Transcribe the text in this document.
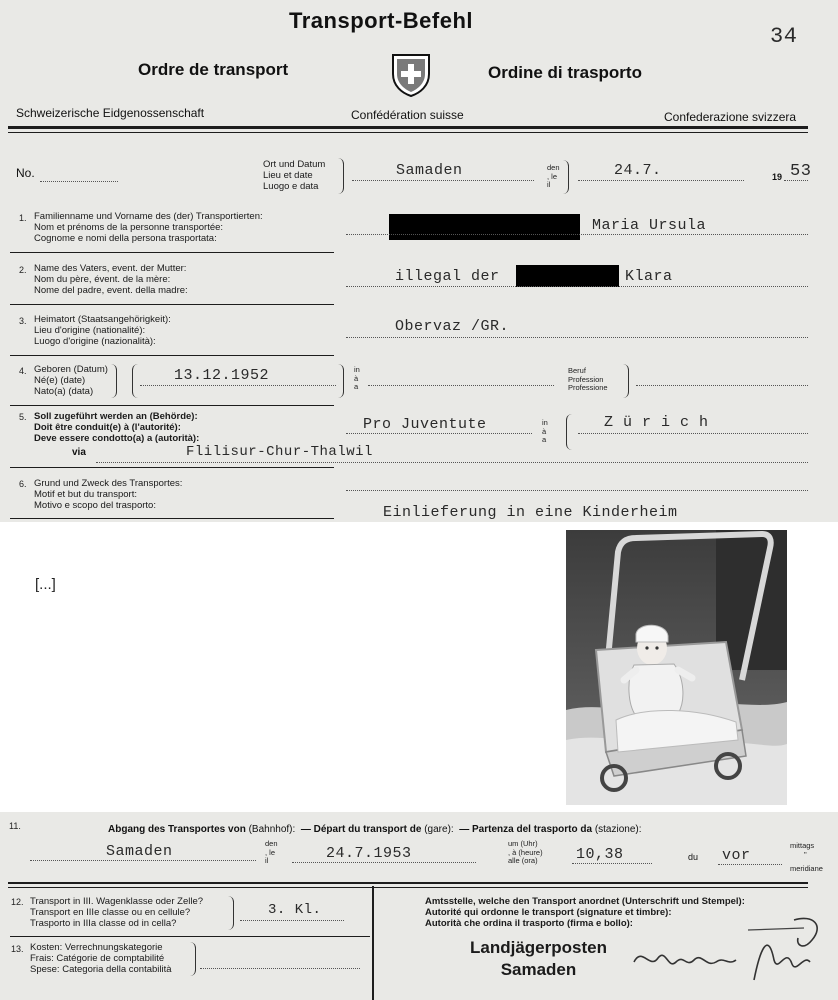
Transport-Befehl
34
Ordre de transport	Ordine di trasporto
Schweizerische Eidgenossenschaft	Confédération suisse	Confederazione svizzera
No.
Ort und Datum
Lieu et date
Luogo e data
Samaden	den
, le
il
24.7.	19 53
1. Familienname und Vorname des (der) Transportierten:
Nom et prénoms de la personne transportée:
Cognome e nomi della persona trasportata:
Maria Ursula
2. Name des Vaters, event. der Mutter:
Nom du père, évent. de la mère:
Nome del padre, event. della madre:
illegal der	Klara
3. Heimatort (Staatsangehörigkeit):
Lieu d'origine (nationalité):
Luogo d'origine (nazionalità):
Obervaz /GR.
4. Geboren (Datum)
Né(e) (date)
Nato(a) (data)
13.12.1952	in
à
a
Beruf
Profession
Professione
5. Soll zugeführt werden an (Behörde):
Doit être conduit(e) à (l'autorité):
Deve essere condotto(a) a (autorità):
Pro Juventute	in
à
a
Z ü r i c h
via	Flilisur-Chur-Thalwil
6. Grund und Zweck des Transportes:
Motif et but du transport:
Motivo e scopo del trasporto:	Einlieferung in eine Kinderheim
[...]
11.	Abgang des Transportes von (Bahnhof): — Départ du transport de (gare): — Partenza del trasporto da (stazione):
Samaden	den
, le
il	24.7.1953
um (Uhr)
, à (heure)
alle (ora)	10,38	du vor
mittags
"
meridiane
12. Transport in III. Wagenklasse oder Zelle?
Transport en IIIe classe ou en cellule?
Trasporto in IIIa classe od in cella?
3. Kl.
13. Kosten: Verrechnungskategorie
Frais: Catégorie de comptabilité
Spese: Categoria della contabilità
Amtsstelle, welche den Transport anordnet (Unterschrift und Stempel):
Autorité qui ordonne le transport (signature et timbre):
Autorità che ordina il trasporto (firma e bollo):
Landjägerposten
Samaden
